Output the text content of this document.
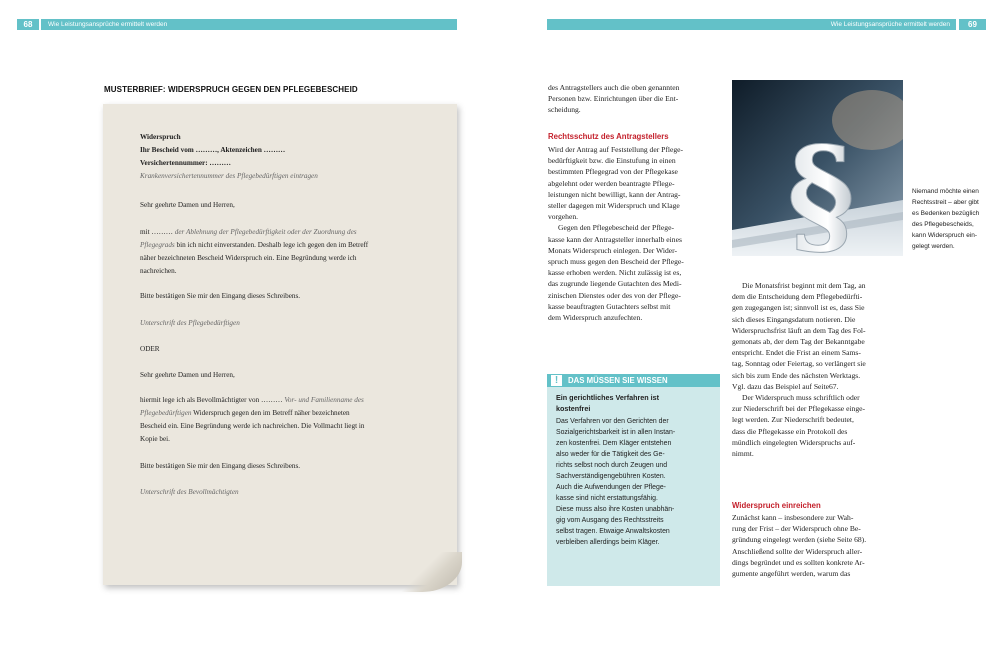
68	Wie Leistungsansprüche ermittelt werden	Wie Leistungsansprüche ermittelt werden	69
MUSTERBRIEF: WIDERSPRUCH GEGEN DEN PFLEGEBESCHEID
Widerspruch
Ihr Bescheid vom ………, Aktenzeichen ………
Versichertennummer: ………
Krankenversichertennummer des Pflegebedürftigen eintragen
Sehr geehrte Damen und Herren,
mit ……… der Ablehnung der Pflegebedürftigkeit oder der Zuordnung des
Pflegegrads bin ich nicht einverstanden. Deshalb lege ich gegen den im Betreff
näher bezeichneten Bescheid Widerspruch ein. Eine Begründung werde ich
nachreichen.
Bitte bestätigen Sie mir den Eingang dieses Schreibens.
Unterschrift des Pflegebedürftigen
ODER
Sehr geehrte Damen und Herren,
hiermit lege ich als Bevollmächtigter von ……… Vor- und Familienname des
Pflegebedürftigen Widerspruch gegen den im Betreff näher bezeichneten
Bescheid ein. Eine Begründung werde ich nachreichen. Die Vollmacht liegt in
Kopie bei.
Bitte bestätigen Sie mir den Eingang dieses Schreibens.
Unterschrift des Bevollmächtigten

des Antragstellers auch die oben genannten

Personen bzw. Einrichtungen über die Ent-

scheidung.

Rechtsschutz des Antragstellers

Wird der Antrag auf Feststellung der Pflege-

bedürftigkeit bzw. die Einstufung in einen

bestimmten Pflegegrad von der Pflegekase

abgelehnt oder werden beantragte Pflege-

leistungen nicht bewilligt, kann der Antrag-

steller dagegen mit Widerspruch und Klage

vorgehen.

Gegen den Pflegebescheid der Pflege-

kasse kann der Antragsteller innerhalb eines

Monats Widerspruch einlegen. Der Wider-

spruch muss gegen den Bescheid der Pflege-

kasse erhoben werden. Nicht zulässig ist es,

das zugrunde liegende Gutachten des Medi-

zinischen Dienstes oder des von der Pflege-

kasse beauftragten Gutachters selbst mit

dem Widerspruch anzufechten.

!	DAS MÜSSEN SIE WISSEN
Ein gerichtliches Verfahren ist
kostenfrei
Das Verfahren vor den Gerichten der
Sozialgerichtsbarkeit ist in allen Instan-
zen kostenfrei. Dem Kläger entstehen
also weder für die Tätigkeit des Ge-
richts selbst noch durch Zeugen und
Sachverständigengebühren Kosten.
Auch die Aufwendungen der Pflege-
kasse sind nicht erstattungsfähig.
Diese muss also ihre Kosten unabhän-
gig vom Ausgang des Rechtsstreits
selbst tragen. Etwaige Anwaltskosten
verbleiben allerdings beim Kläger.
§	Niemand möchte einen
Rechtsstreit – aber gibt
es Bedenken bezüglich
des Pflegebescheids,
kann Widerspruch ein-
gelegt werden.

Die Monatsfrist beginnt mit dem Tag, an

dem die Entscheidung dem Pflegebedürfti-

gen zugegangen ist; sinnvoll ist es, dass Sie

sich dieses Eingangsdatum notieren. Die

Widerspruchsfrist läuft an dem Tag des Fol-

gemonats ab, der dem Tag der Bekanntgabe

entspricht. Endet die Frist an einem Sams-

tag, Sonntag oder Feiertag, so verlängert sie

sich bis zum Ende des nächsten Werktags.

Vgl. dazu das Beispiel auf Seite67.

Der Widerspruch muss schriftlich oder

zur Niederschrift bei der Pflegekasse einge-

legt werden. Zur Niederschrift bedeutet,

dass die Pflegekasse ein Protokoll des

mündlich eingelegten Widerspruchs auf-

nimmt.

Widerspruch einreichen

Zunächst kann – insbesondere zur Wah-

rung der Frist – der Widerspruch ohne Be-

gründung eingelegt werden (siehe Seite 68).

Anschließend sollte der Widerspruch aller-

dings begründet und es sollten konkrete Ar-

gumente angeführt werden, warum das
